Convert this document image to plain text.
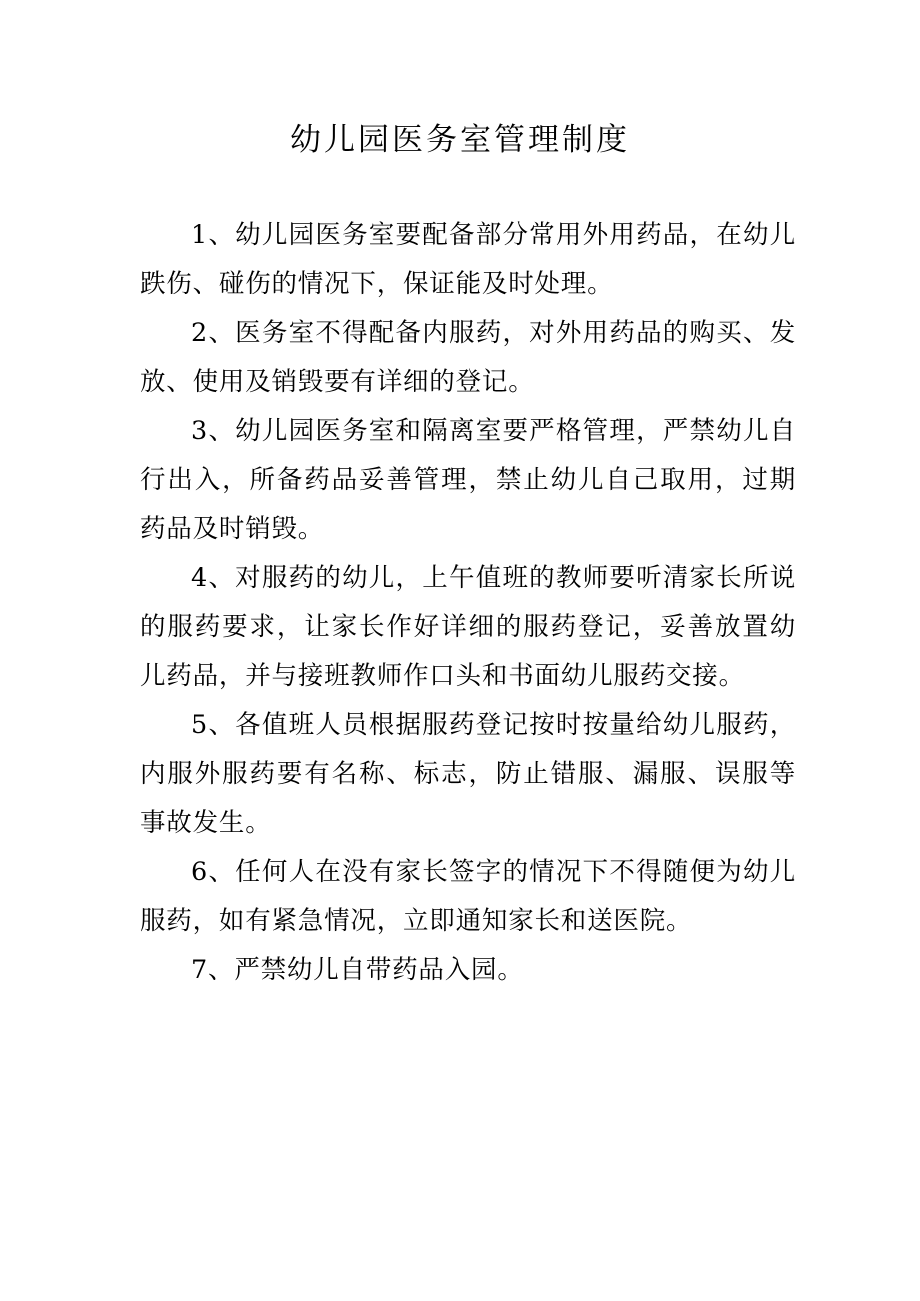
幼儿园医务室管理制度

1、幼儿园医务室要配备部分常用外用药品，在幼儿跌伤、碰伤的情况下，保证能及时处理。

2、医务室不得配备内服药，对外用药品的购买、发放、使用及销毁要有详细的登记。

3、幼儿园医务室和隔离室要严格管理，严禁幼儿自行出入，所备药品妥善管理，禁止幼儿自己取用，过期药品及时销毁。

4、对服药的幼儿，上午值班的教师要听清家长所说的服药要求，让家长作好详细的服药登记，妥善放置幼儿药品，并与接班教师作口头和书面幼儿服药交接。

5、各值班人员根据服药登记按时按量给幼儿服药，内服外服药要有名称、标志，防止错服、漏服、误服等事故发生。

6、任何人在没有家长签字的情况下不得随便为幼儿服药，如有紧急情况，立即通知家长和送医院。

7、严禁幼儿自带药品入园。
